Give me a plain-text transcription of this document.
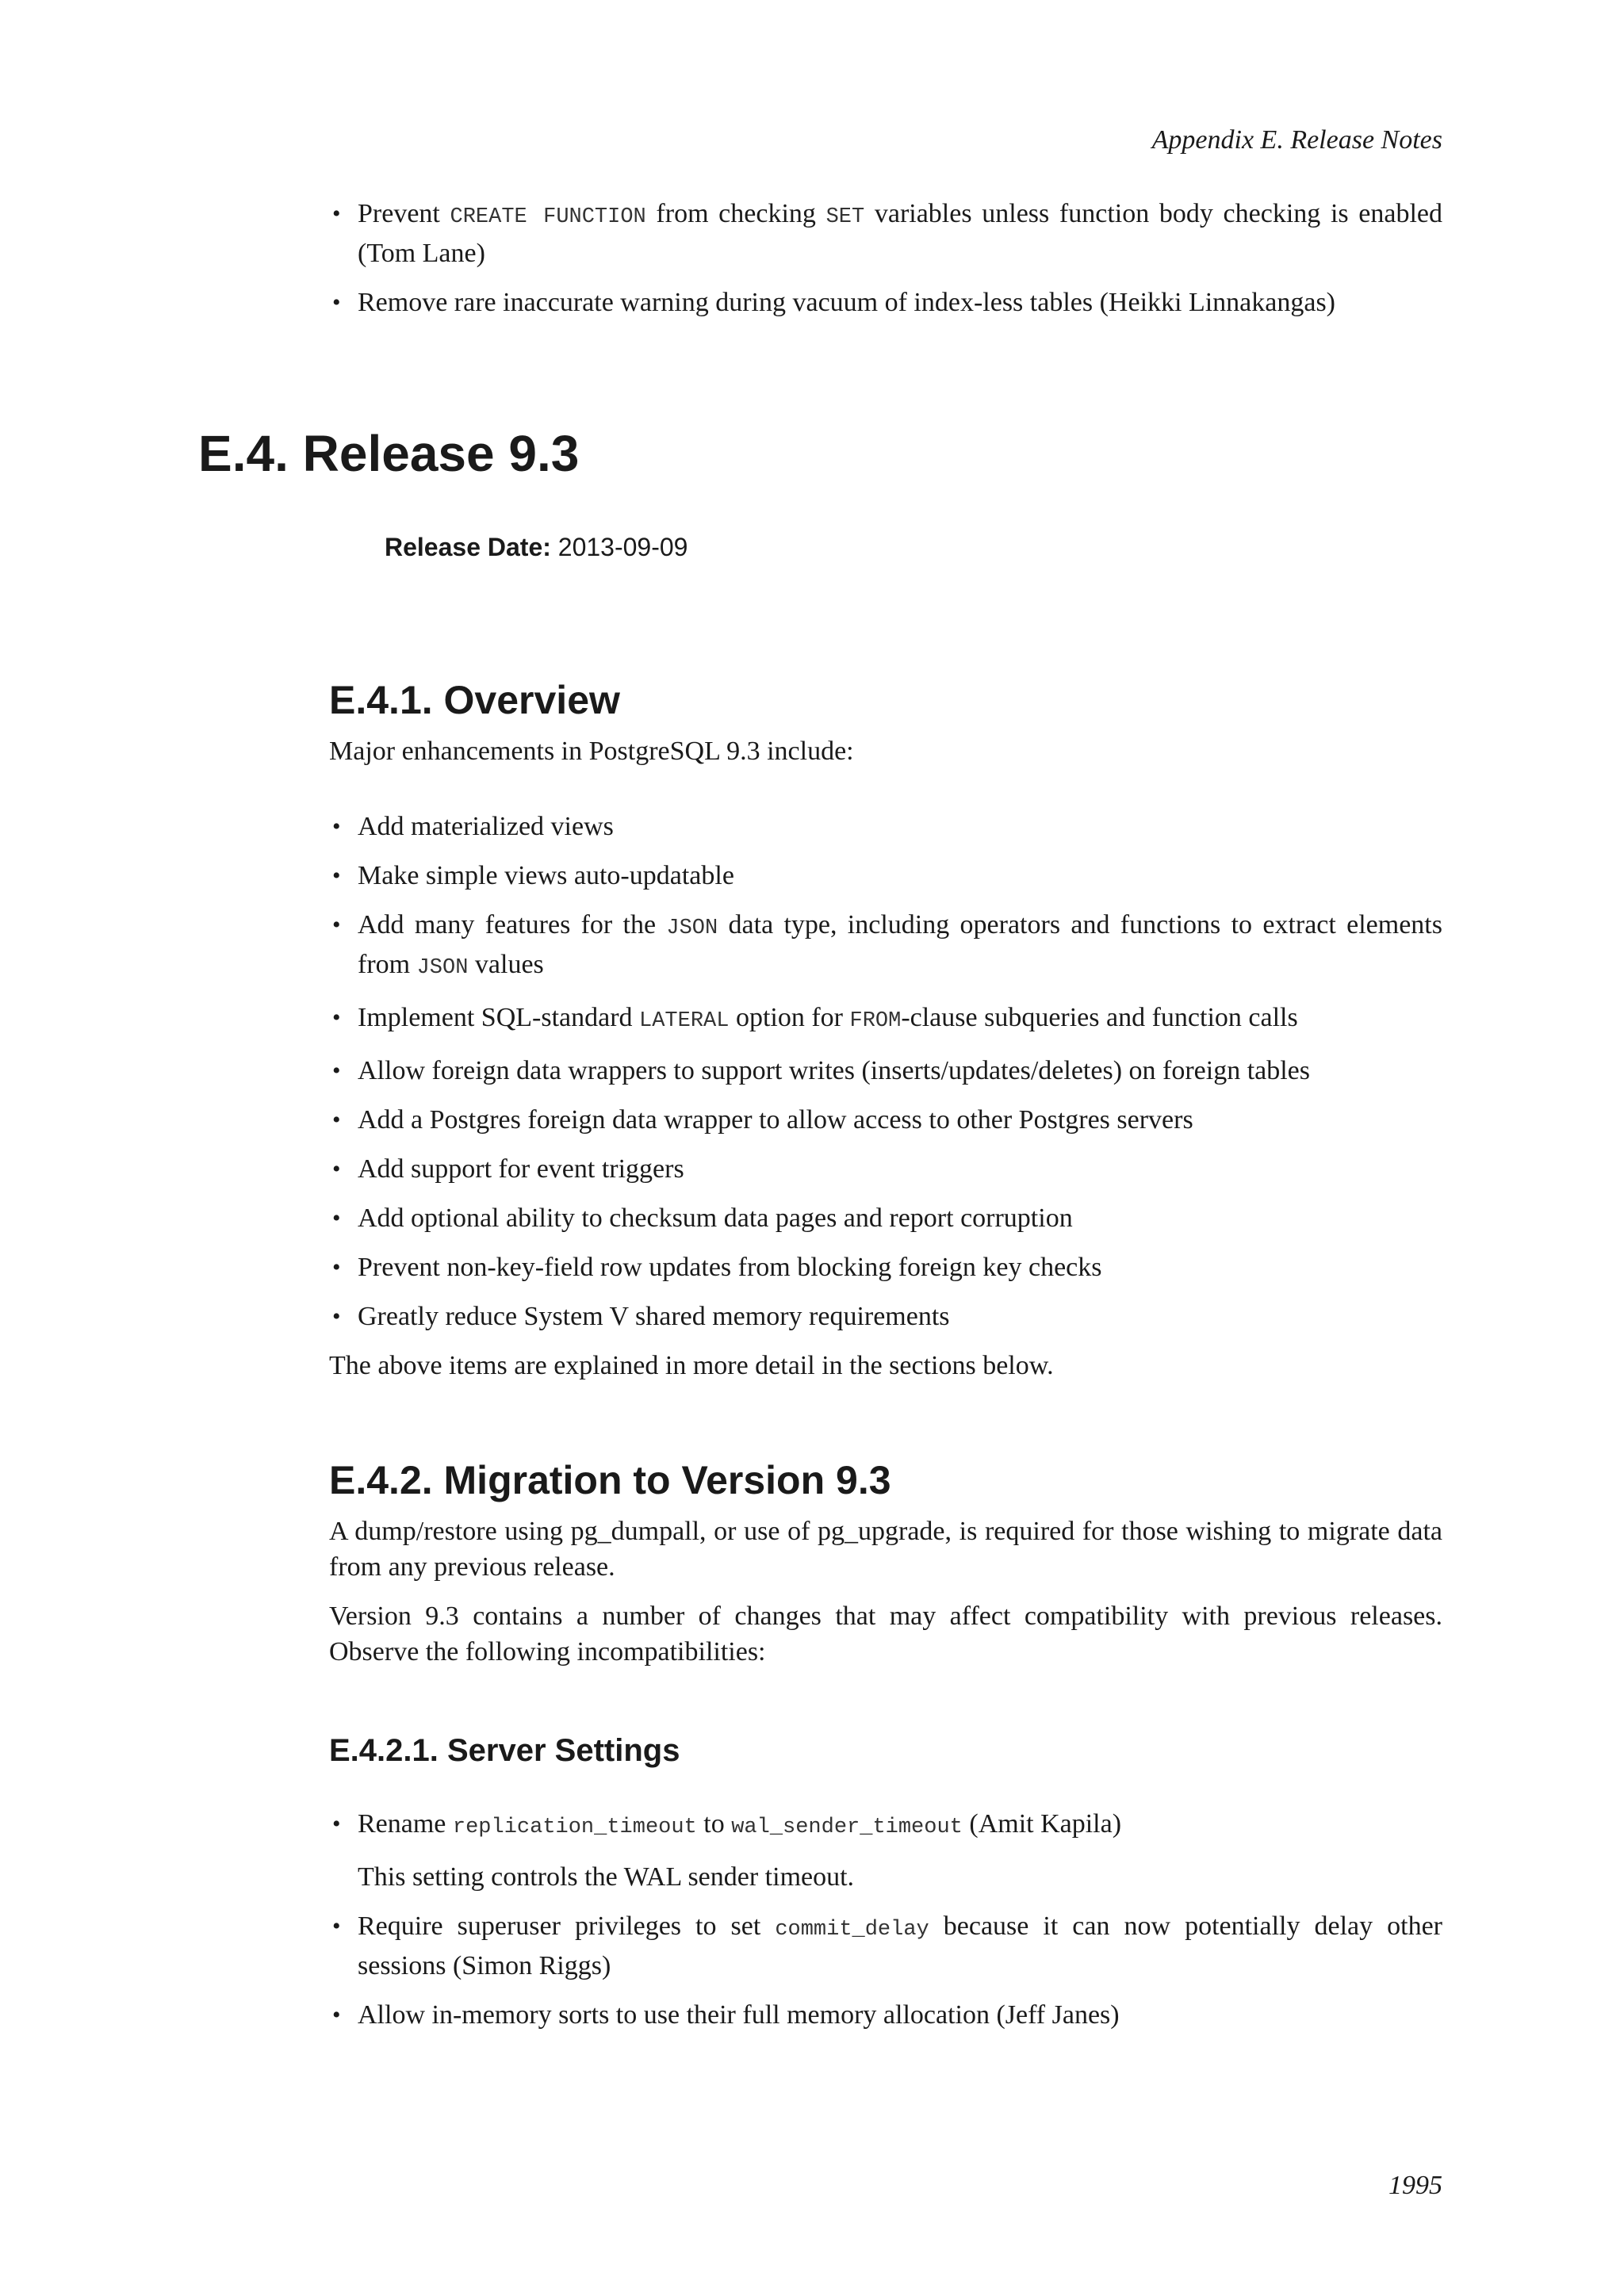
Appendix E. Release Notes
• Prevent CREATE FUNCTION from checking SET variables unless function body checking is enabled (Tom Lane)
• Remove rare inaccurate warning during vacuum of index-less tables (Heikki Linnakangas)
E.4. Release 9.3
Release Date: 2013-09-09
E.4.1. Overview

Major enhancements in PostgreSQL 9.3 include:

• Add materialized views
• Make simple views auto-updatable
• Add many features for the JSON data type, including operators and functions to extract elements from JSON values
• Implement SQL-standard LATERAL option for FROM-clause subqueries and function calls
• Allow foreign data wrappers to support writes (inserts/updates/deletes) on foreign tables
• Add a Postgres foreign data wrapper to allow access to other Postgres servers
• Add support for event triggers
• Add optional ability to checksum data pages and report corruption
• Prevent non-key-field row updates from blocking foreign key checks
• Greatly reduce System V shared memory requirements

The above items are explained in more detail in the sections below.

E.4.2. Migration to Version 9.3

A dump/restore using pg_dumpall, or use of pg_upgrade, is required for those wishing to migrate data from any previous release.

Version 9.3 contains a number of changes that may affect compatibility with previous releases. Observe the following incompatibilities:

E.4.2.1. Server Settings
• Rename replication_timeout to wal_sender_timeout (Amit Kapila)

This setting controls the WAL sender timeout.

• Require superuser privileges to set commit_delay because it can now potentially delay other sessions (Simon Riggs)
• Allow in-memory sorts to use their full memory allocation (Jeff Janes)
1995
